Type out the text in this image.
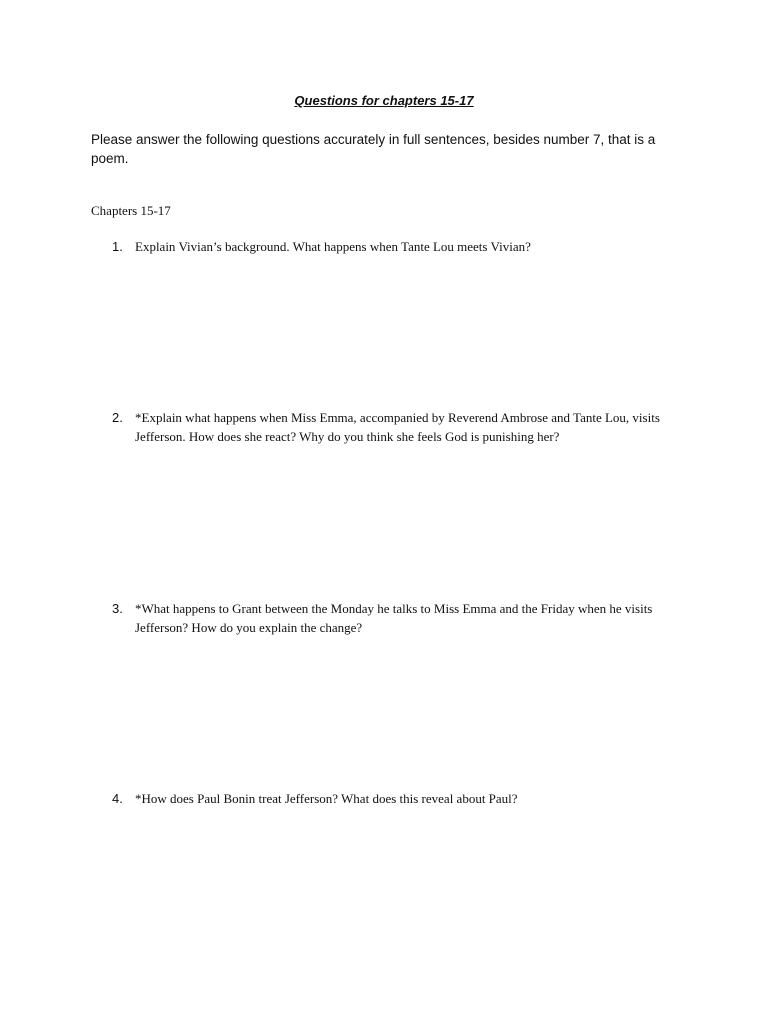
Questions for chapters 15-17
Please answer the following questions accurately in full sentences, besides number 7, that is a poem.
Chapters 15-17
1. Explain Vivian’s background. What happens when Tante Lou meets Vivian?
2. *Explain what happens when Miss Emma, accompanied by Reverend Ambrose and Tante Lou, visits Jefferson. How does she react? Why do you think she feels God is punishing her?
3. *What happens to Grant between the Monday he talks to Miss Emma and the Friday when he visits Jefferson? How do you explain the change?
4. *How does Paul Bonin treat Jefferson? What does this reveal about Paul?
